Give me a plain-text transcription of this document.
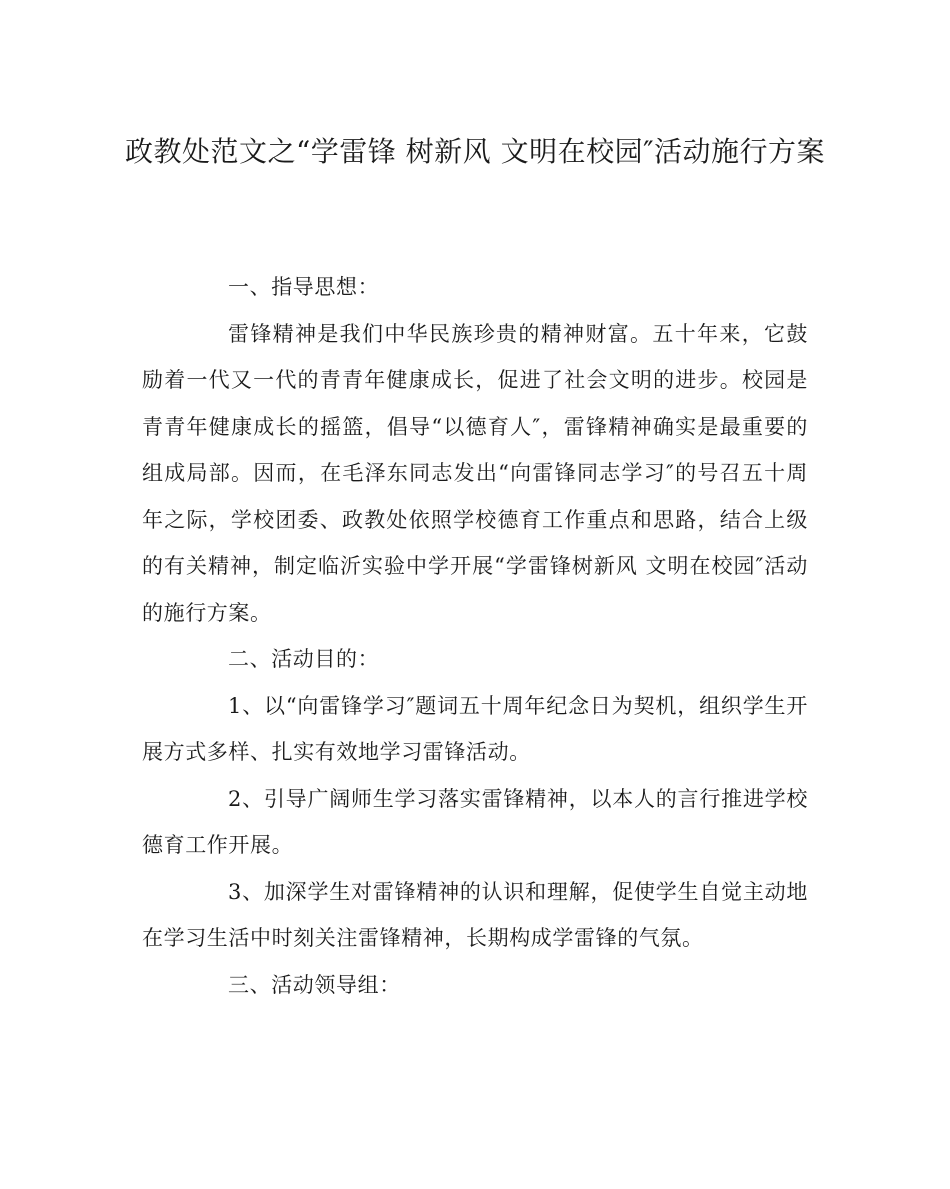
政教处范文之“学雷锋 树新风 文明在校园″活动施行方案

一、指导思想：

雷锋精神是我们中华民族珍贵的精神财富。五十年来，它鼓励着一代又一代的青青年健康成长，促进了社会文明的进步。校园是青青年健康成长的摇篮，倡导“以德育人″，雷锋精神确实是最重要的组成局部。因而，在毛泽东同志发出“向雷锋同志学习″的号召五十周年之际，学校团委、政教处依照学校德育工作重点和思路，结合上级的有关精神，制定临沂实验中学开展“学雷锋树新风 文明在校园″活动的施行方案。

二、活动目的：

1、以“向雷锋学习″题词五十周年纪念日为契机，组织学生开展方式多样、扎实有效地学习雷锋活动。

2、引导广阔师生学习落实雷锋精神，以本人的言行推进学校德育工作开展。

3、加深学生对雷锋精神的认识和理解，促使学生自觉主动地在学习生活中时刻关注雷锋精神，长期构成学雷锋的气氛。

三、活动领导组：
